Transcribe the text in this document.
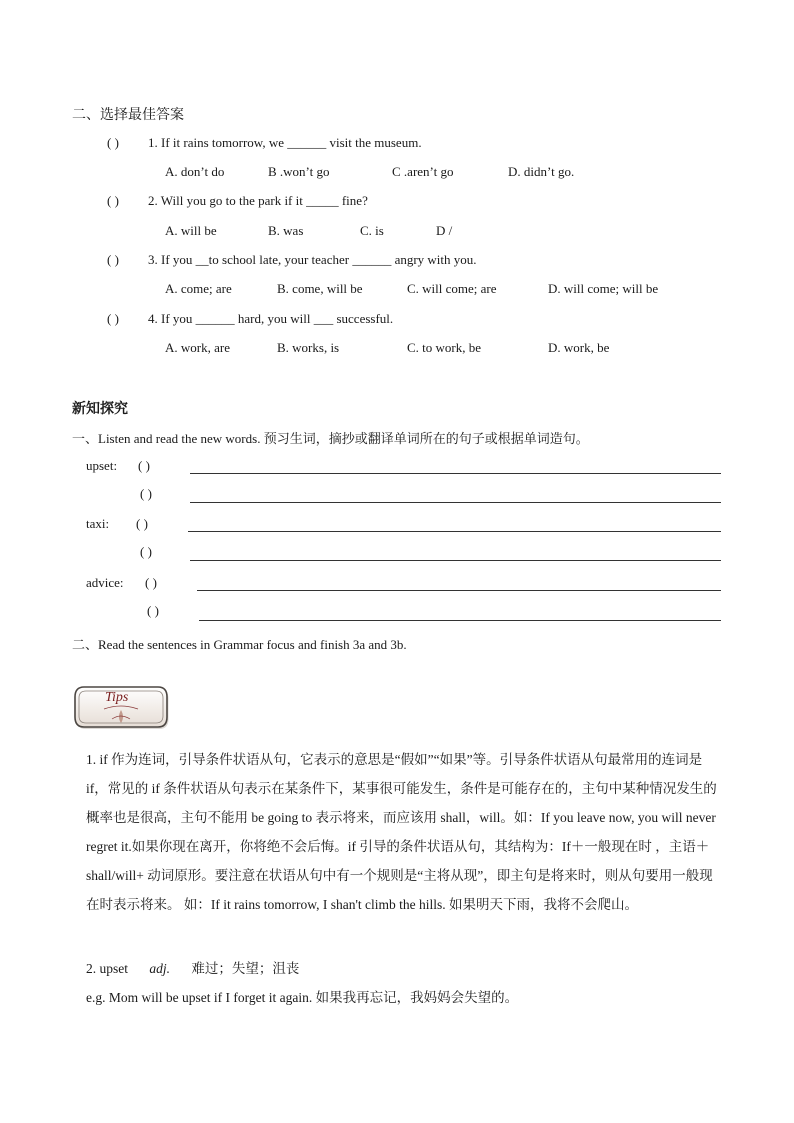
二、选择最佳答案
( ) 1. If it rains tomorrow, we ______ visit the museum.
A. don’t do	B .won’t go	C .aren’t go	D. didn’t go.
( ) 2. Will you go to the park if it _____ fine?
A. will be	B. was	C. is	D /
( ) 3. If you __to school late, your teacher ______ angry with you.
A. come; are	B. come, will be	C. will come; are	D. will come; will be
( ) 4. If you ______ hard, you will ___ successful.
A. work, are	B. works, is	C. to work, be	D. work, be
新知探究
一、Listen and read the new words. 预习生词，摘抄或翻译单词所在的句子或根据单词造句。
upset: ( )
( )
taxi: ( )
( )
advice: ( )
( )
二、Read the sentences in Grammar focus and finish 3a and 3b.
Tips

1. if 作为连词，引导条件状语从句，它表示的意思是“假如”“如果”等。引导条件状语从句最常用的连词是 if，常见的 if 条件状语从句表示在某条件下，某事很可能发生，条件是可能存在的，主句中某种情况发生的概率也是很高，主句不能用 be going to 表示将来，而应该用 shall，will。如：If you leave now, you will never regret it.如果你现在离开，你将绝不会后悔。if 引导的条件状语从句，其结构为：If＋一般现在时 ，主语＋shall/will+ 动词原形。要注意在状语从句中有一个规则是“主将从现”，即主句是将来时，则从句要用一般现在时表示将来。 如：If it rains tomorrow, I shan't climb the hills. 如果明天下雨，我将不会爬山。

2. upset adj. 难过；失望；沮丧
e.g. Mom will be upset if I forget it again. 如果我再忘记，我妈妈会失望的。
